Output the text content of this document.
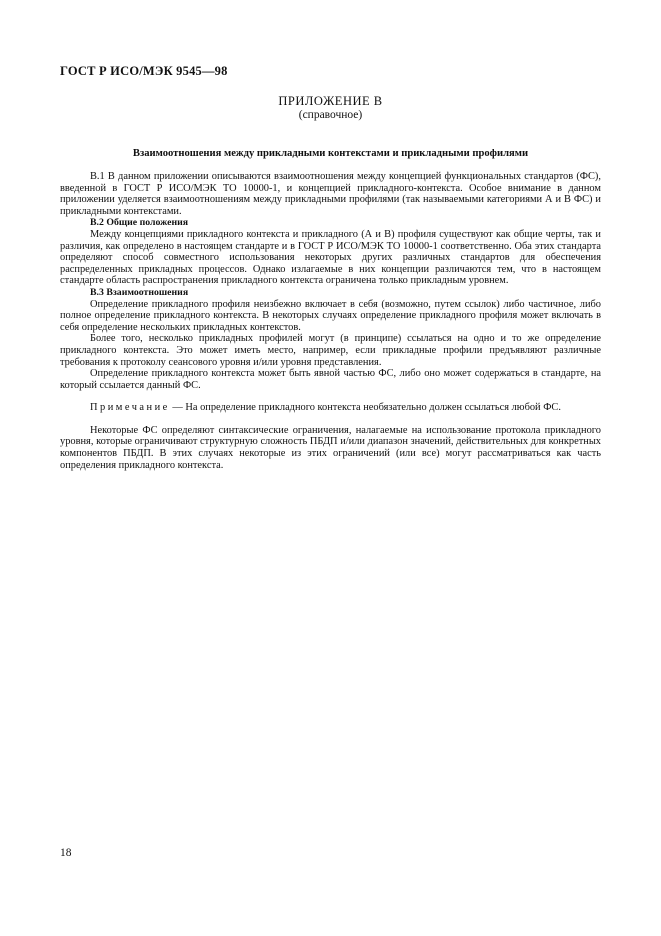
ГОСТ Р ИСО/МЭК 9545—98
ПРИЛОЖЕНИЕ В
(справочное)
Взаимоотношения между прикладными контекстами и прикладными профилями

В.1 В данном приложении описываются взаимоотношения между концепцией функциональных стандартов (ФС), введенной в ГОСТ Р ИСО/МЭК ТО 10000-1, и концепцией прикладного-контекста. Особое внимание в данном приложении уделяется взаимоотношениям между прикладными профилями (так называемыми категориями А и В ФС) и прикладными контекстами.

В.2 Общие положения

Между концепциями прикладного контекста и прикладного (А и В) профиля существуют как общие черты, так и различия, как определено в настоящем стандарте и в ГОСТ Р ИСО/МЭК ТО 10000-1 соответственно. Оба этих стандарта определяют способ совместного использования некоторых других различных стандартов для обеспечения распределенных прикладных процессов. Однако излагаемые в них концепции различаются тем, что в настоящем стандарте область распространения прикладного контекста ограничена только прикладным уровнем.

В.3 Взаимоотношения

Определение прикладного профиля неизбежно включает в себя (возможно, путем ссылок) либо частичное, либо полное определение прикладного контекста. В некоторых случаях определение прикладного профиля может включать в себя определение нескольких прикладных контекстов.

Более того, несколько прикладных профилей могут (в принципе) ссылаться на одно и то же определение прикладного контекста. Это может иметь место, например, если прикладные профили предъявляют различные требования к протоколу сеансового уровня и/или уровня представления.

Определение прикладного контекста может быть явной частью ФС, либо оно может содержаться в стандарте, на который ссылается данный ФС.

Примечание — На определение прикладного контекста необязательно должен ссылаться любой ФС.

Некоторые ФС определяют синтаксические ограничения, налагаемые на использование протокола прикладного уровня, которые ограничивают структурную сложность ПБДП и/или диапазон значений, действительных для конкретных компонентов ПБДП. В этих случаях некоторые из этих ограничений (или все) могут рассматриваться как часть определения прикладного контекста.

18
